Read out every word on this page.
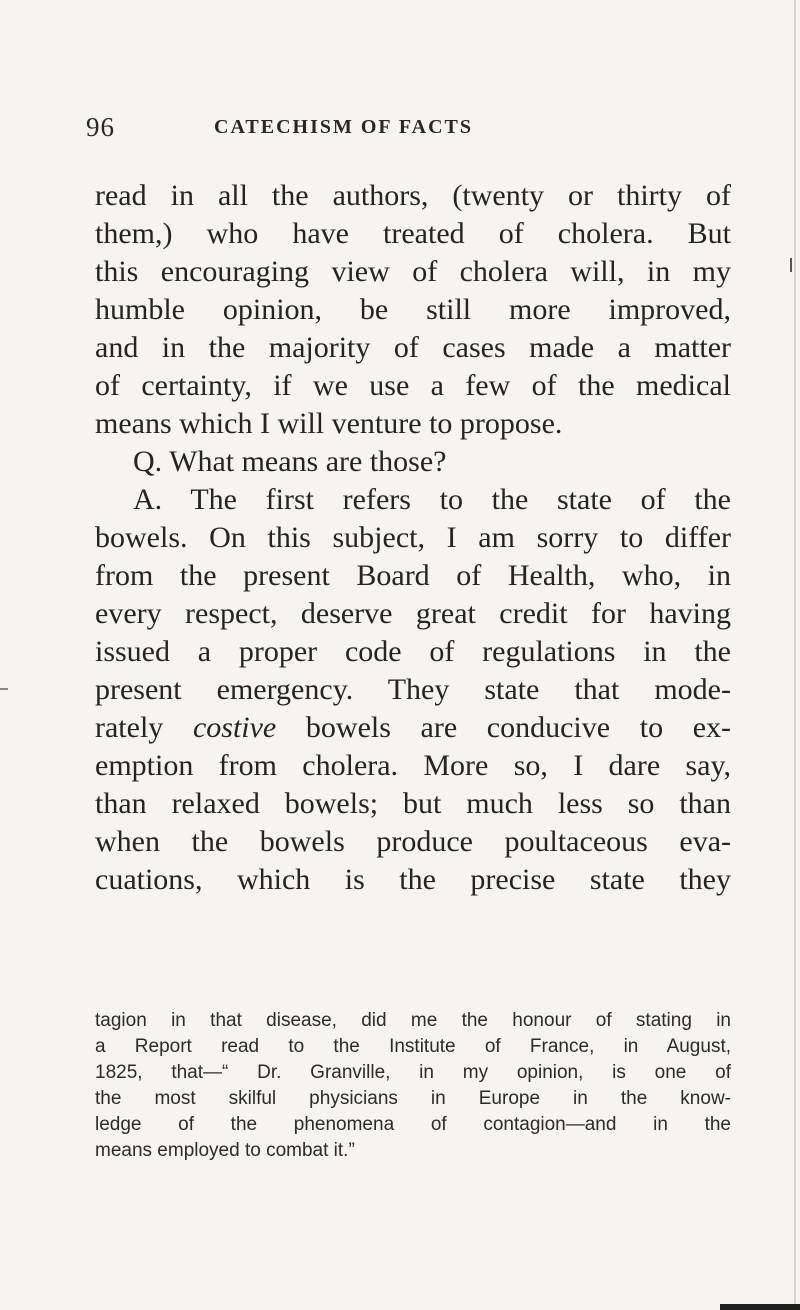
96	CATECHISM OF FACTS
read in all the authors, (twenty or thirty of
them,) who have treated of cholera. But
this encouraging view of cholera will, in my
humble opinion, be still more improved,
and in the majority of cases made a matter
of certainty, if we use a few of the medical
means which I will venture to propose.
Q. What means are those?
A. The first refers to the state of the
bowels. On this subject, I am sorry to differ
from the present Board of Health, who, in
every respect, deserve great credit for having
issued a proper code of regulations in the
present emergency. They state that mode-
rately costive bowels are conducive to ex-
emption from cholera. More so, I dare say,
than relaxed bowels; but much less so than
when the bowels produce poultaceous eva-
cuations, which is the precise state they
tagion in that disease, did me the honour of stating in
a Report read to the Institute of France, in August,
1825, that—“ Dr. Granville, in my opinion, is one of
the most skilful physicians in Europe in the know-
ledge of the phenomena of contagion—and in the
means employed to combat it.”
